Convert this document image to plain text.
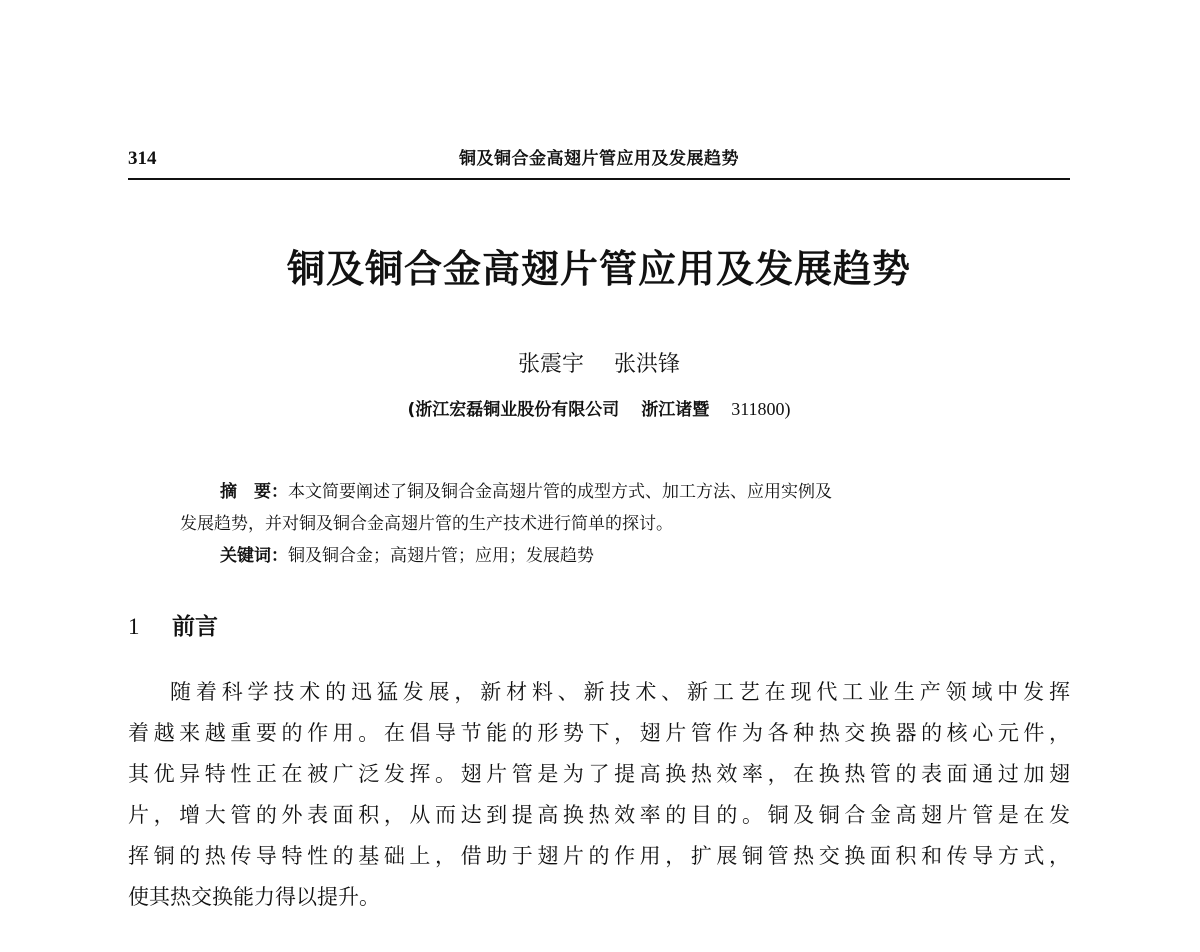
314	铜及铜合金高翅片管应用及发展趋势
铜及铜合金高翅片管应用及发展趋势
张震宇 张洪锋
(浙江宏磊铜业股份有限公司 浙江诸暨 311800)
摘　要：本文简要阐述了铜及铜合金高翅片管的成型方式、加工方法、应用实例及
发展趋势，并对铜及铜合金高翅片管的生产技术进行简单的探讨。
关键词：铜及铜合金；高翅片管；应用；发展趋势
1 前言
随着科学技术的迅猛发展，新材料、新技术、新工艺在现代工业生产领域中发挥
着越来越重要的作用。在倡导节能的形势下，翅片管作为各种热交换器的核心元件，
其优异特性正在被广泛发挥。翅片管是为了提高换热效率，在换热管的表面通过加翅
片，增大管的外表面积，从而达到提高换热效率的目的。铜及铜合金高翅片管是在发
挥铜的热传导特性的基础上，借助于翅片的作用，扩展铜管热交换面积和传导方式，
使其热交换能力得以提升。
